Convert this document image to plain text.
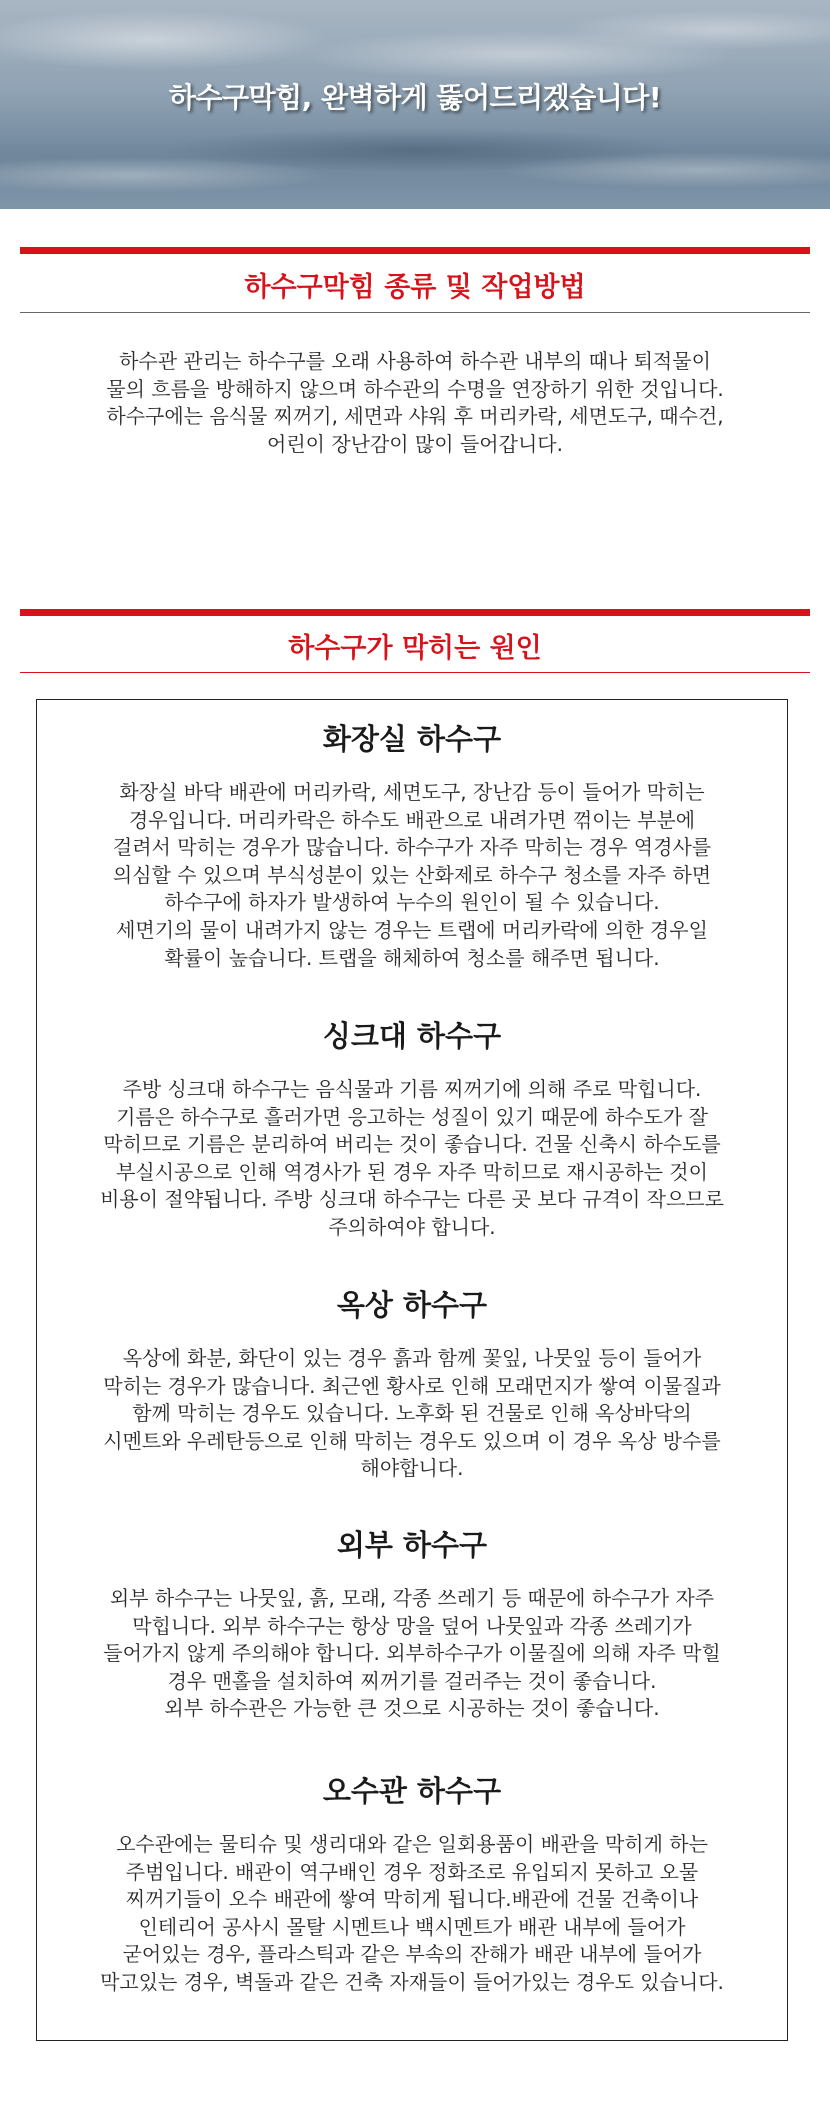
하수구막힘, 완벽하게 뚫어드리겠습니다!
하수구막힘 종류 및 작업방법
하수관 관리는 하수구를 오래 사용하여 하수관 내부의 때나 퇴적물이
물의 흐름을 방해하지 않으며 하수관의 수명을 연장하기 위한 것입니다.
하수구에는 음식물 찌꺼기, 세면과 샤워 후 머리카락, 세면도구, 때수건,
어린이 장난감이 많이 들어갑니다.
하수구가 막히는 원인
화장실 하수구
화장실 바닥 배관에 머리카락, 세면도구, 장난감 등이 들어가 막히는
경우입니다. 머리카락은 하수도 배관으로 내려가면 꺾이는 부분에
걸려서 막히는 경우가 많습니다. 하수구가 자주 막히는 경우 역경사를
의심할 수 있으며 부식성분이 있는 산화제로 하수구 청소를 자주 하면
하수구에 하자가 발생하여 누수의 원인이 될 수 있습니다.
세면기의 물이 내려가지 않는 경우는 트랩에 머리카락에 의한 경우일
확률이 높습니다. 트랩을 해체하여 청소를 해주면 됩니다.
싱크대 하수구
주방 싱크대 하수구는 음식물과 기름 찌꺼기에 의해 주로 막힙니다.
기름은 하수구로 흘러가면 응고하는 성질이 있기 때문에 하수도가 잘
막히므로 기름은 분리하여 버리는 것이 좋습니다. 건물 신축시 하수도를
부실시공으로 인해 역경사가 된 경우 자주 막히므로 재시공하는 것이
비용이 절약됩니다. 주방 싱크대 하수구는 다른 곳 보다 규격이 작으므로
주의하여야 합니다.
옥상 하수구
옥상에 화분, 화단이 있는 경우 흙과 함께 꽃잎, 나뭇잎 등이 들어가
막히는 경우가 많습니다. 최근엔 황사로 인해 모래먼지가 쌓여 이물질과
함께 막히는 경우도 있습니다. 노후화 된 건물로 인해 옥상바닥의
시멘트와 우레탄등으로 인해 막히는 경우도 있으며 이 경우 옥상 방수를
해야합니다.
외부 하수구
외부 하수구는 나뭇잎, 흙, 모래, 각종 쓰레기 등 때문에 하수구가 자주
막힙니다. 외부 하수구는 항상 망을 덮어 나뭇잎과 각종 쓰레기가
들어가지 않게 주의해야 합니다. 외부하수구가 이물질에 의해 자주 막힐
경우 맨홀을 설치하여 찌꺼기를 걸러주는 것이 좋습니다.
외부 하수관은 가능한 큰 것으로 시공하는 것이 좋습니다.
오수관 하수구
오수관에는 물티슈 및 생리대와 같은 일회용품이 배관을 막히게 하는
주범입니다. 배관이 역구배인 경우 정화조로 유입되지 못하고 오물
찌꺼기들이 오수 배관에 쌓여 막히게 됩니다.배관에 건물 건축이나
인테리어 공사시 몰탈 시멘트나 백시멘트가 배관 내부에 들어가
굳어있는 경우, 플라스틱과 같은 부속의 잔해가 배관 내부에 들어가
막고있는 경우, 벽돌과 같은 건축 자재들이 들어가있는 경우도 있습니다.
